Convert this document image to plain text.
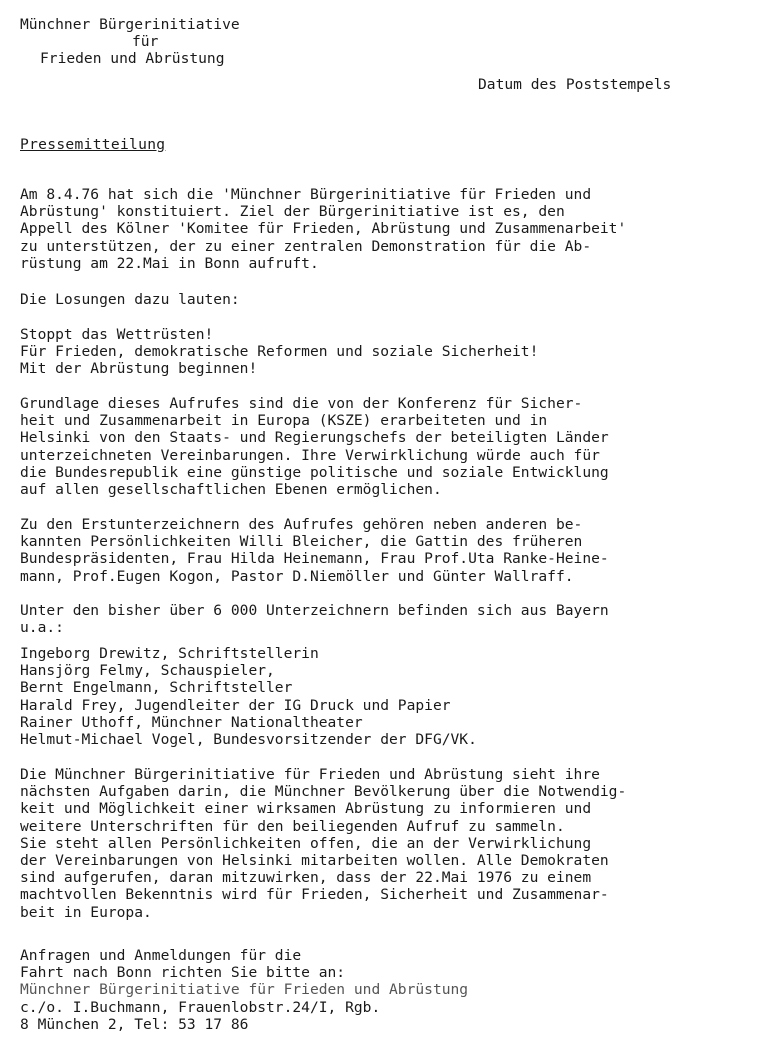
Münchner Bürgerinitiative
für
Frieden und Abrüstung
Datum des Poststempels
Pressemitteilung
Am 8.4.76 hat sich die 'Münchner Bürgerinitiative für Frieden und
Abrüstung' konstituiert. Ziel der Bürgerinitiative ist es, den
Appell des Kölner 'Komitee für Frieden, Abrüstung und Zusammenarbeit'
zu unterstützen, der zu einer zentralen Demonstration für die Ab-
rüstung am 22.Mai in Bonn aufruft.
Die Losungen dazu lauten:
Stoppt das Wettrüsten!
Für Frieden, demokratische Reformen und soziale Sicherheit!
Mit der Abrüstung beginnen!
Grundlage dieses Aufrufes sind die von der Konferenz für Sicher-
heit und Zusammenarbeit in Europa (KSZE) erarbeiteten und in
Helsinki von den Staats- und Regierungschefs der beteiligten Länder
unterzeichneten Vereinbarungen. Ihre Verwirklichung würde auch für
die Bundesrepublik eine günstige politische und soziale Entwicklung
auf allen gesellschaftlichen Ebenen ermöglichen.
Zu den Erstunterzeichnern des Aufrufes gehören neben anderen be-
kannten Persönlichkeiten Willi Bleicher, die Gattin des früheren
Bundespräsidenten, Frau Hilda Heinemann, Frau Prof.Uta Ranke-Heine-
mann, Prof.Eugen Kogon, Pastor D.Niemöller und Günter Wallraff.
Unter den bisher über 6 000 Unterzeichnern befinden sich aus Bayern
u.a.:
Ingeborg Drewitz, Schriftstellerin
Hansjörg Felmy, Schauspieler,
Bernt Engelmann, Schriftsteller
Harald Frey, Jugendleiter der IG Druck und Papier
Rainer Uthoff, Münchner Nationaltheater
Helmut-Michael Vogel, Bundesvorsitzender der DFG/VK.
Die Münchner Bürgerinitiative für Frieden und Abrüstung sieht ihre
nächsten Aufgaben darin, die Münchner Bevölkerung über die Notwendig-
keit und Möglichkeit einer wirksamen Abrüstung zu informieren und
weitere Unterschriften für den beiliegenden Aufruf zu sammeln.
Sie steht allen Persönlichkeiten offen, die an der Verwirklichung
der Vereinbarungen von Helsinki mitarbeiten wollen. Alle Demokraten
sind aufgerufen, daran mitzuwirken, dass der 22.Mai 1976 zu einem
machtvollen Bekenntnis wird für Frieden, Sicherheit und Zusammenar-
beit in Europa.
Anfragen und Anmeldungen für die
Fahrt nach Bonn richten Sie bitte an:
Münchner Bürgerinitiative für Frieden und Abrüstung
c./o. I.Buchmann, Frauenlobstr.24/I, Rgb.
8 München 2, Tel: 53 17 86
